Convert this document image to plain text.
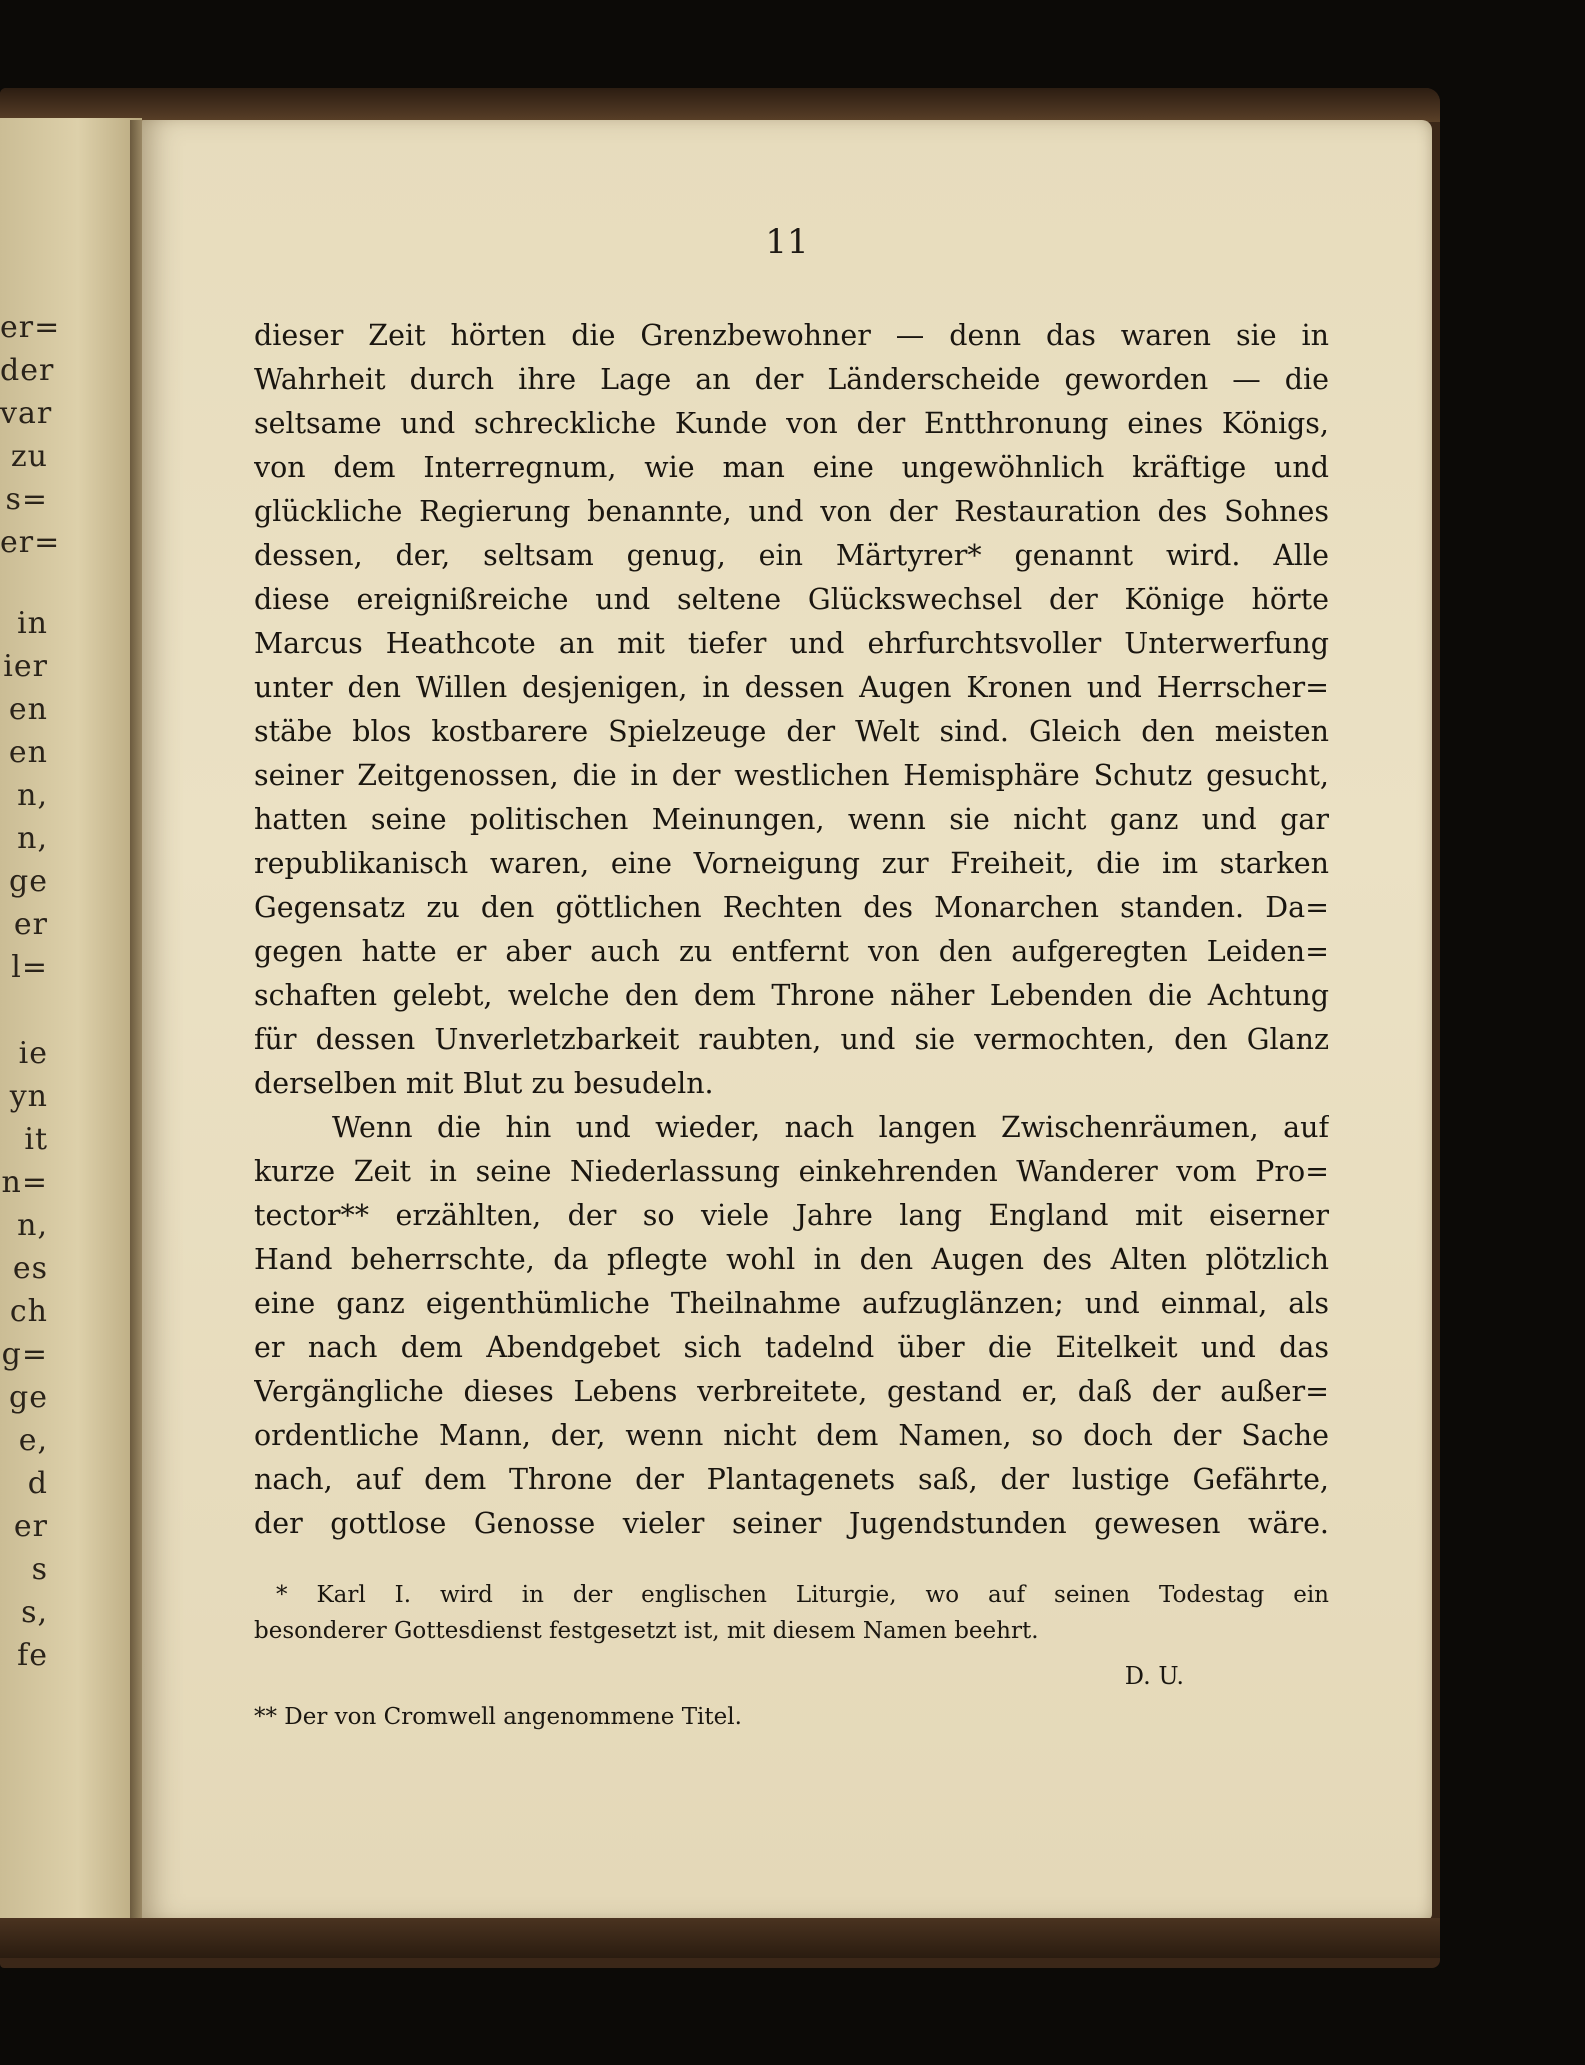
er=
der
var
zu
s=
er=
in
ier
en
en
n,
n,
ge
er
l=
ie
yn
it
n=
n,
es
ch
g=
ge
e,
d
er
s
s,
fe
11
dieser Zeit hörten die Grenzbewohner — denn das waren sie in
Wahrheit durch ihre Lage an der Länderscheide geworden — die
seltsame und schreckliche Kunde von der Entthronung eines Königs,
von dem Interregnum, wie man eine ungewöhnlich kräftige und
glückliche Regierung benannte, und von der Restauration des Sohnes
dessen, der, seltsam genug, ein Märtyrer* genannt wird. Alle
diese ereignißreiche und seltene Glückswechsel der Könige hörte
Marcus Heathcote an mit tiefer und ehrfurchtsvoller Unterwerfung
unter den Willen desjenigen, in dessen Augen Kronen und Herrscher=
stäbe blos kostbarere Spielzeuge der Welt sind. Gleich den meisten
seiner Zeitgenossen, die in der westlichen Hemisphäre Schutz gesucht,
hatten seine politischen Meinungen, wenn sie nicht ganz und gar
republikanisch waren, eine Vorneigung zur Freiheit, die im starken
Gegensatz zu den göttlichen Rechten des Monarchen standen. Da=
gegen hatte er aber auch zu entfernt von den aufgeregten Leiden=
schaften gelebt, welche den dem Throne näher Lebenden die Achtung
für dessen Unverletzbarkeit raubten, und sie vermochten, den Glanz
derselben mit Blut zu besudeln.
Wenn die hin und wieder, nach langen Zwischenräumen, auf
kurze Zeit in seine Niederlassung einkehrenden Wanderer vom Pro=
tector** erzählten, der so viele Jahre lang England mit eiserner
Hand beherrschte, da pflegte wohl in den Augen des Alten plötzlich
eine ganz eigenthümliche Theilnahme aufzuglänzen; und einmal, als
er nach dem Abendgebet sich tadelnd über die Eitelkeit und das
Vergängliche dieses Lebens verbreitete, gestand er, daß der außer=
ordentliche Mann, der, wenn nicht dem Namen, so doch der Sache
nach, auf dem Throne der Plantagenets saß, der lustige Gefährte,
der gottlose Genosse vieler seiner Jugendstunden gewesen wäre.
* Karl I. wird in der englischen Liturgie, wo auf seinen Todestag ein
besonderer Gottesdienst festgesetzt ist, mit diesem Namen beehrt.
D. U.
** Der von Cromwell angenommene Titel.
